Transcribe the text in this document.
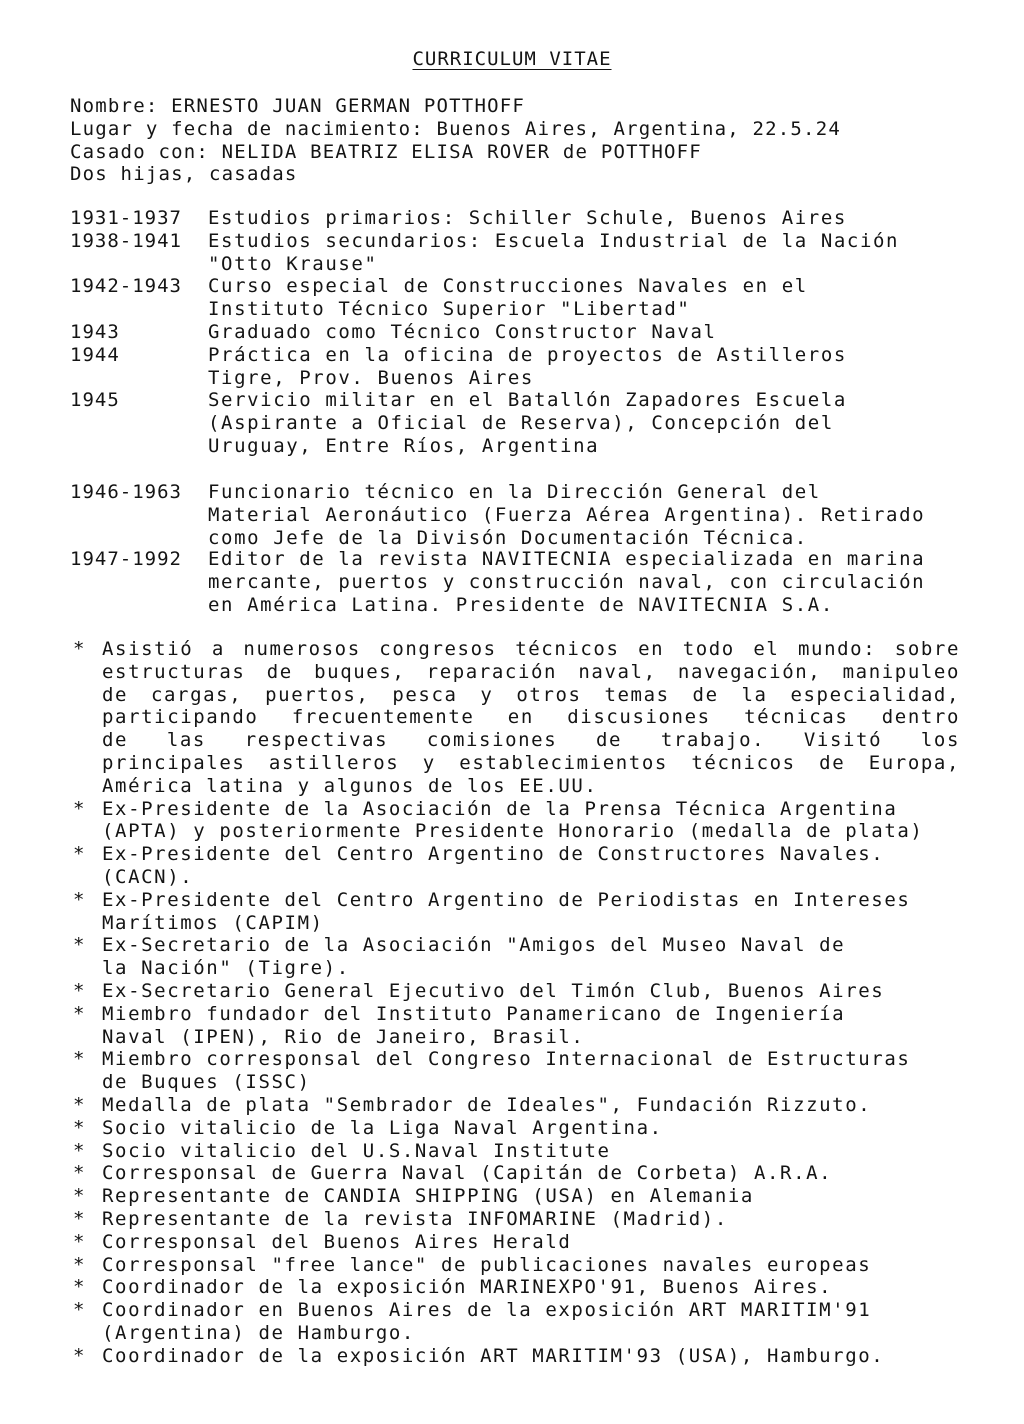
CURRICULUM VITAE
Nombre: ERNESTO JUAN GERMAN POTTHOFF
Lugar y fecha de nacimiento: Buenos Aires, Argentina, 22.5.24
Casado con: NELIDA BEATRIZ ELISA ROVER de POTTHOFF
Dos hijas, casadas
1931-1937 Estudios primarios: Schiller Schule, Buenos Aires
1938-1941 Estudios secundarios: Escuela Industrial de la Nación
"Otto Krause"
1942-1943 Curso especial de Construcciones Navales en el
Instituto Técnico Superior "Libertad"
1943	Graduado como Técnico Constructor Naval
1944	Práctica en la oficina de proyectos de Astilleros
Tigre, Prov. Buenos Aires
1945	Servicio militar en el Batallón Zapadores Escuela
(Aspirante a Oficial de Reserva), Concepción del
Uruguay, Entre Ríos, Argentina
1946-1963 Funcionario técnico en la Dirección General del
Material Aeronáutico (Fuerza Aérea Argentina). Retirado
como Jefe de la Divisón Documentación Técnica.
1947-1992 Editor de la revista NAVITECNIA especializada en marina
mercante, puertos y construcción naval, con circulación
en América Latina. Presidente de NAVITECNIA S.A.
* Asistió a numerosos congresos técnicos en todo el mundo: sobre
estructuras de buques, reparación naval, navegación, manipuleo
de cargas, puertos, pesca y otros temas de la especialidad,
participando frecuentemente en discusiones técnicas dentro
de las respectivas comisiones de trabajo. Visitó los
principales astilleros y establecimientos técnicos de Europa,
América latina y algunos de los EE.UU.
* Ex-Presidente de la Asociación de la Prensa Técnica Argentina
(APTA) y posteriormente Presidente Honorario (medalla de plata)
* Ex-Presidente del Centro Argentino de Constructores Navales.
(CACN).
* Ex-Presidente del Centro Argentino de Periodistas en Intereses
Marítimos (CAPIM)
* Ex-Secretario de la Asociación "Amigos del Museo Naval de
la Nación" (Tigre).
* Ex-Secretario General Ejecutivo del Timón Club, Buenos Aires
* Miembro fundador del Instituto Panamericano de Ingeniería
Naval (IPEN), Rio de Janeiro, Brasil.
* Miembro corresponsal del Congreso Internacional de Estructuras
de Buques (ISSC)
* Medalla de plata "Sembrador de Ideales", Fundación Rizzuto.
* Socio vitalicio de la Liga Naval Argentina.
* Socio vitalicio del U.S.Naval Institute
* Corresponsal de Guerra Naval (Capitán de Corbeta) A.R.A.
* Representante de CANDIA SHIPPING (USA) en Alemania
* Representante de la revista INFOMARINE (Madrid).
* Corresponsal del Buenos Aires Herald
* Corresponsal "free lance" de publicaciones navales europeas
* Coordinador de la exposición MARINEXPO'91, Buenos Aires.
* Coordinador en Buenos Aires de la exposición ART MARITIM'91
(Argentina) de Hamburgo.
* Coordinador de la exposición ART MARITIM'93 (USA), Hamburgo.
